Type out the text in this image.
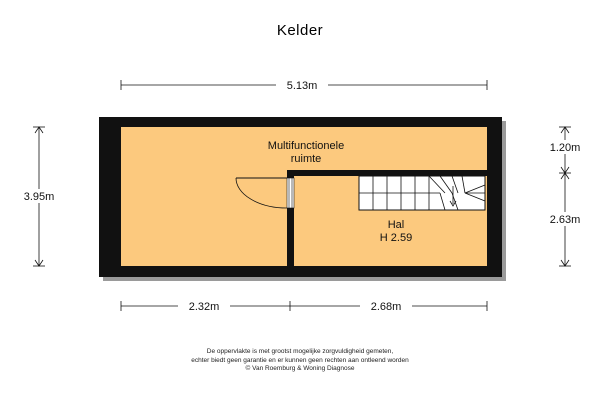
Kelder
Multifunctionele
ruimte
Hal
H 2.59
5.13m
3.95m
1.20m
2.63m
2.32m	2.68m
De oppervlakte is met grootst mogelijke zorgvuldigheid gemeten,
echter biedt geen garantie en er kunnen geen rechten aan ontleend worden
© Van Roemburg & Woning Diagnose
